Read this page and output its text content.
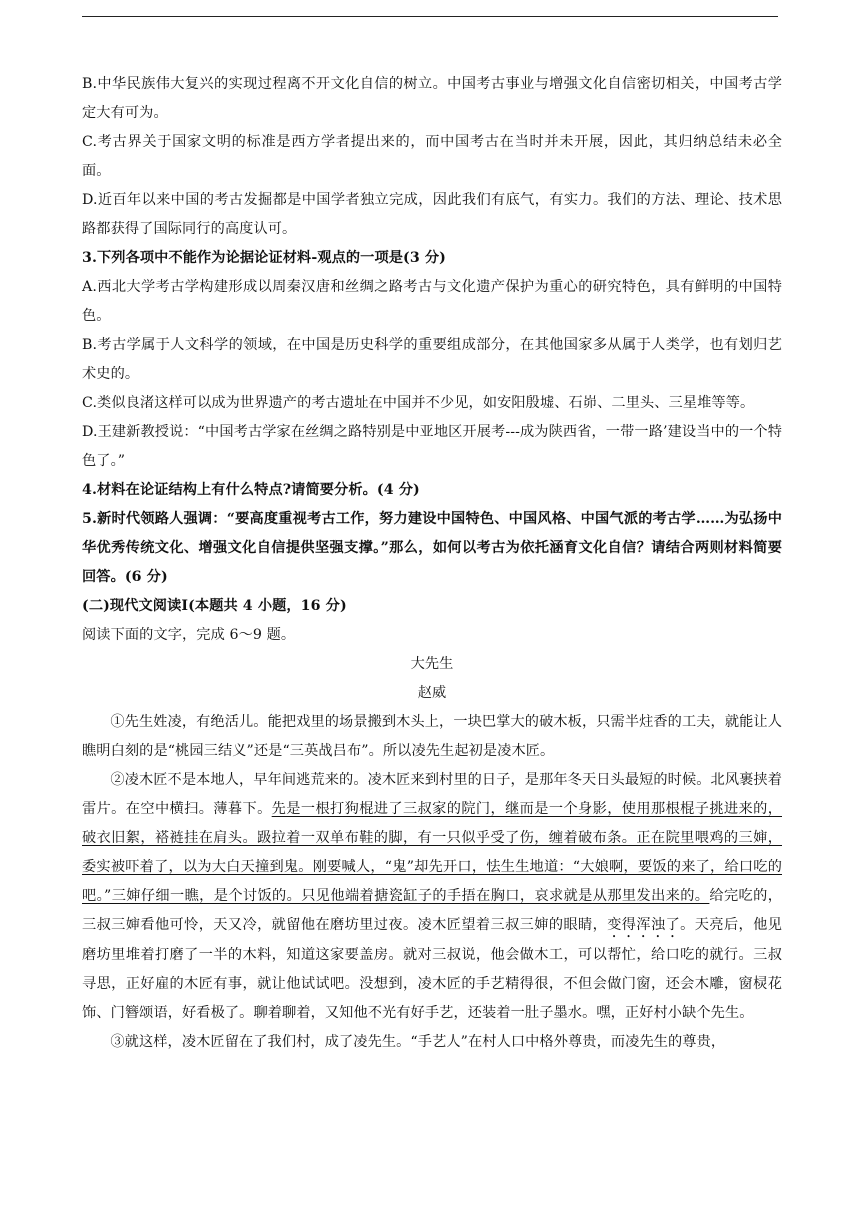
B.中华民族伟大复兴的实现过程离不开文化自信的树立。中国考古事业与增强文化自信密切相关，中国考古学定大有可为。

C.考古界关于国家文明的标准是西方学者提出来的，而中国考古在当时并未开展，因此，其归纳总结未必全面。

D.近百年以来中国的考古发掘都是中国学者独立完成，因此我们有底气，有实力。我们的方法、理论、技术思路都获得了国际同行的高度认可。

3.下列各项中不能作为论据论证材料-观点的一项是(3 分)

A.西北大学考古学构建形成以周秦汉唐和丝绸之路考古与文化遗产保护为重心的研究特色，具有鲜明的中国特色。

B.考古学属于人文科学的领域，在中国是历史科学的重要组成部分，在其他国家多从属于人类学，也有划归艺术史的。

C.类似良渚这样可以成为世界遗产的考古遗址在中国并不少见，如安阳殷墟、石峁、二里头、三星堆等等。

D.王建新教授说：“中国考古学家在丝绸之路特别是中亚地区开展考---成为陕西省，一带一路’建设当中的一个特色了。”

4.材料在论证结构上有什么特点?请简要分析。(4 分)

5.新时代领路人强调：“要高度重视考古工作，努力建设中国特色、中国风格、中国气派的考古学……为弘扬中华优秀传统文化、增强文化自信提供坚强支撑。”那么，如何以考古为依托涵育文化自信？请结合两则材料简要回答。(6 分)

(二)现代文阅读Ⅰ(本题共 4 小题，16 分)

阅读下面的文字，完成 6～9 题。

大先生

赵威

①先生姓凌，有绝活儿。能把戏里的场景搬到木头上，一块巴掌大的破木板，只需半炷香的工夫，就能让人瞧明白刻的是“桃园三结义”还是“三英战吕布”。所以凌先生起初是凌木匠。

②凌木匠不是本地人，早年间逃荒来的。凌木匠来到村里的日子，是那年冬天日头最短的时候。北风裹挟着雷片。在空中横扫。薄暮下。先是一根打狗棍进了三叔家的院门，继而是一个身影，使用那根棍子挑进来的，破衣旧絮，褡裢挂在肩头。趿拉着一双单布鞋的脚，有一只似乎受了伤，缠着破布条。正在院里喂鸡的三婶，委实被吓着了，以为大白天撞到鬼。刚要喊人，“鬼”却先开口，怯生生地道：“大娘啊，要饭的来了，给口吃的吧。”三婶仔细一瞧，是个讨饭的。只见他端着搪瓷缸子的手捂在胸口，哀求就是从那里发出来的。给完吃的，三叔三婶看他可怜，天又冷，就留他在磨坊里过夜。凌木匠望着三叔三婶的眼睛，变得浑浊了。天亮后，他见磨坊里堆着打磨了一半的木料，知道这家要盖房。就对三叔说，他会做木工，可以帮忙，给口吃的就行。三叔寻思，正好雇的木匠有事，就让他试试吧。没想到，凌木匠的手艺精得很，不但会做门窗，还会木雕，窗棂花饰、门簪颂语，好看极了。聊着聊着，又知他不光有好手艺，还装着一肚子墨水。嘿，正好村小缺个先生。

③就这样，凌木匠留在了我们村，成了凌先生。“手艺人”在村人口中格外尊贵，而凌先生的尊贵，
